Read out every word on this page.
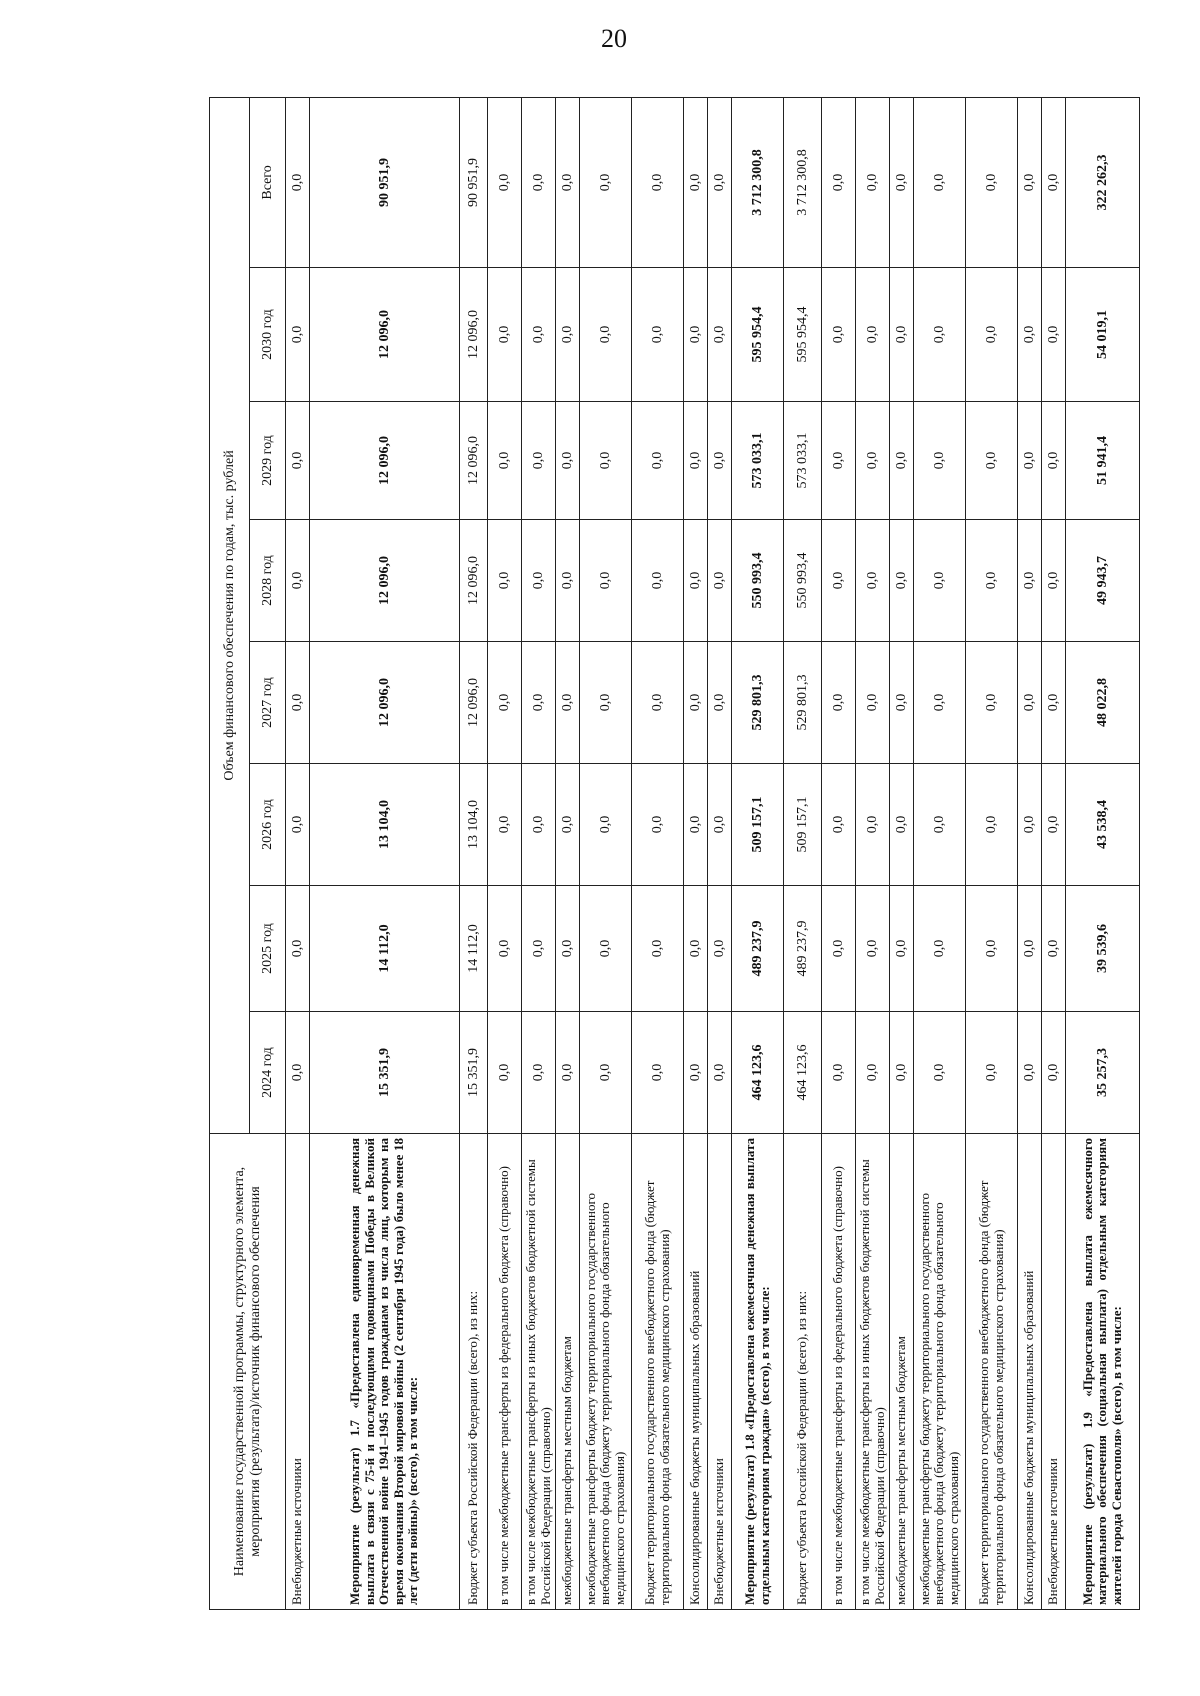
20
Наименование государственной программы, структурного элемента, мероприятия (результата)/источник финансового обеспечения	Объем финансового обеспечения по годам, тыс. рублей							
	2024 год	2025 год	2026 год	2027 год	2028 год	2029 год	2030 год	Всего
Внебюджетные источники	0,0	0,0	0,0	0,0	0,0	0,0	0,0	0,0
Мероприятие (результат) 1.7 «Предоставлена единовременная денежная выплата в связи с 75-й и последующими годовщинами Победы в Великой Отечественной войне 1941–1945 годов гражданам из числа лиц, которым на время окончания Второй мировой войны (2 сентября 1945 года) было менее 18 лет (дети войны)» (всего), в том числе:	15 351,9	14 112,0	13 104,0	12 096,0	12 096,0	12 096,0	12 096,0	90 951,9
Бюджет субъекта Российской Федерации (всего), из них:	15 351,9	14 112,0	13 104,0	12 096,0	12 096,0	12 096,0	12 096,0	90 951,9
в том числе межбюджетные трансферты из федерального бюджета (справочно)	0,0	0,0	0,0	0,0	0,0	0,0	0,0	0,0
в том числе межбюджетные трансферты из иных бюджетов бюджетной системы Российской Федерации (справочно)	0,0	0,0	0,0	0,0	0,0	0,0	0,0	0,0
межбюджетные трансферты местным бюджетам	0,0	0,0	0,0	0,0	0,0	0,0	0,0	0,0
межбюджетные трансферты бюджету территориального государственного внебюджетного фонда (бюджету территориального фонда обязательного медицинского страхования)	0,0	0,0	0,0	0,0	0,0	0,0	0,0	0,0
Бюджет территориального государственного внебюджетного фонда (бюджет территориального фонда обязательного медицинского страхования)	0,0	0,0	0,0	0,0	0,0	0,0	0,0	0,0
Консолидированные бюджеты муниципальных образований	0,0	0,0	0,0	0,0	0,0	0,0	0,0	0,0
Внебюджетные источники	0,0	0,0	0,0	0,0	0,0	0,0	0,0	0,0
Мероприятие (результат) 1.8 «Предоставлена ежемесячная денежная выплата отдельным категориям граждан» (всего), в том числе:	464 123,6	489 237,9	509 157,1	529 801,3	550 993,4	573 033,1	595 954,4	3 712 300,8
Бюджет субъекта Российской Федерации (всего), из них:	464 123,6	489 237,9	509 157,1	529 801,3	550 993,4	573 033,1	595 954,4	3 712 300,8
в том числе межбюджетные трансферты из федерального бюджета (справочно)	0,0	0,0	0,0	0,0	0,0	0,0	0,0	0,0
в том числе межбюджетные трансферты из иных бюджетов бюджетной системы Российской Федерации (справочно)	0,0	0,0	0,0	0,0	0,0	0,0	0,0	0,0
межбюджетные трансферты местным бюджетам	0,0	0,0	0,0	0,0	0,0	0,0	0,0	0,0
межбюджетные трансферты бюджету территориального государственного внебюджетного фонда (бюджету территориального фонда обязательного медицинского страхования)	0,0	0,0	0,0	0,0	0,0	0,0	0,0	0,0
Бюджет территориального государственного внебюджетного фонда (бюджет территориального фонда обязательного медицинского страхования)	0,0	0,0	0,0	0,0	0,0	0,0	0,0	0,0
Консолидированные бюджеты муниципальных образований	0,0	0,0	0,0	0,0	0,0	0,0	0,0	0,0
Внебюджетные источники	0,0	0,0	0,0	0,0	0,0	0,0	0,0	0,0
Мероприятие (результат) 1.9 «Предоставлена выплата ежемесячного материального обеспечения (социальная выплата) отдельным категориям жителей города Севастополя» (всего), в том числе:	35 257,3	39 539,6	43 538,4	48 022,8	49 943,7	51 941,4	54 019,1	322 262,3
